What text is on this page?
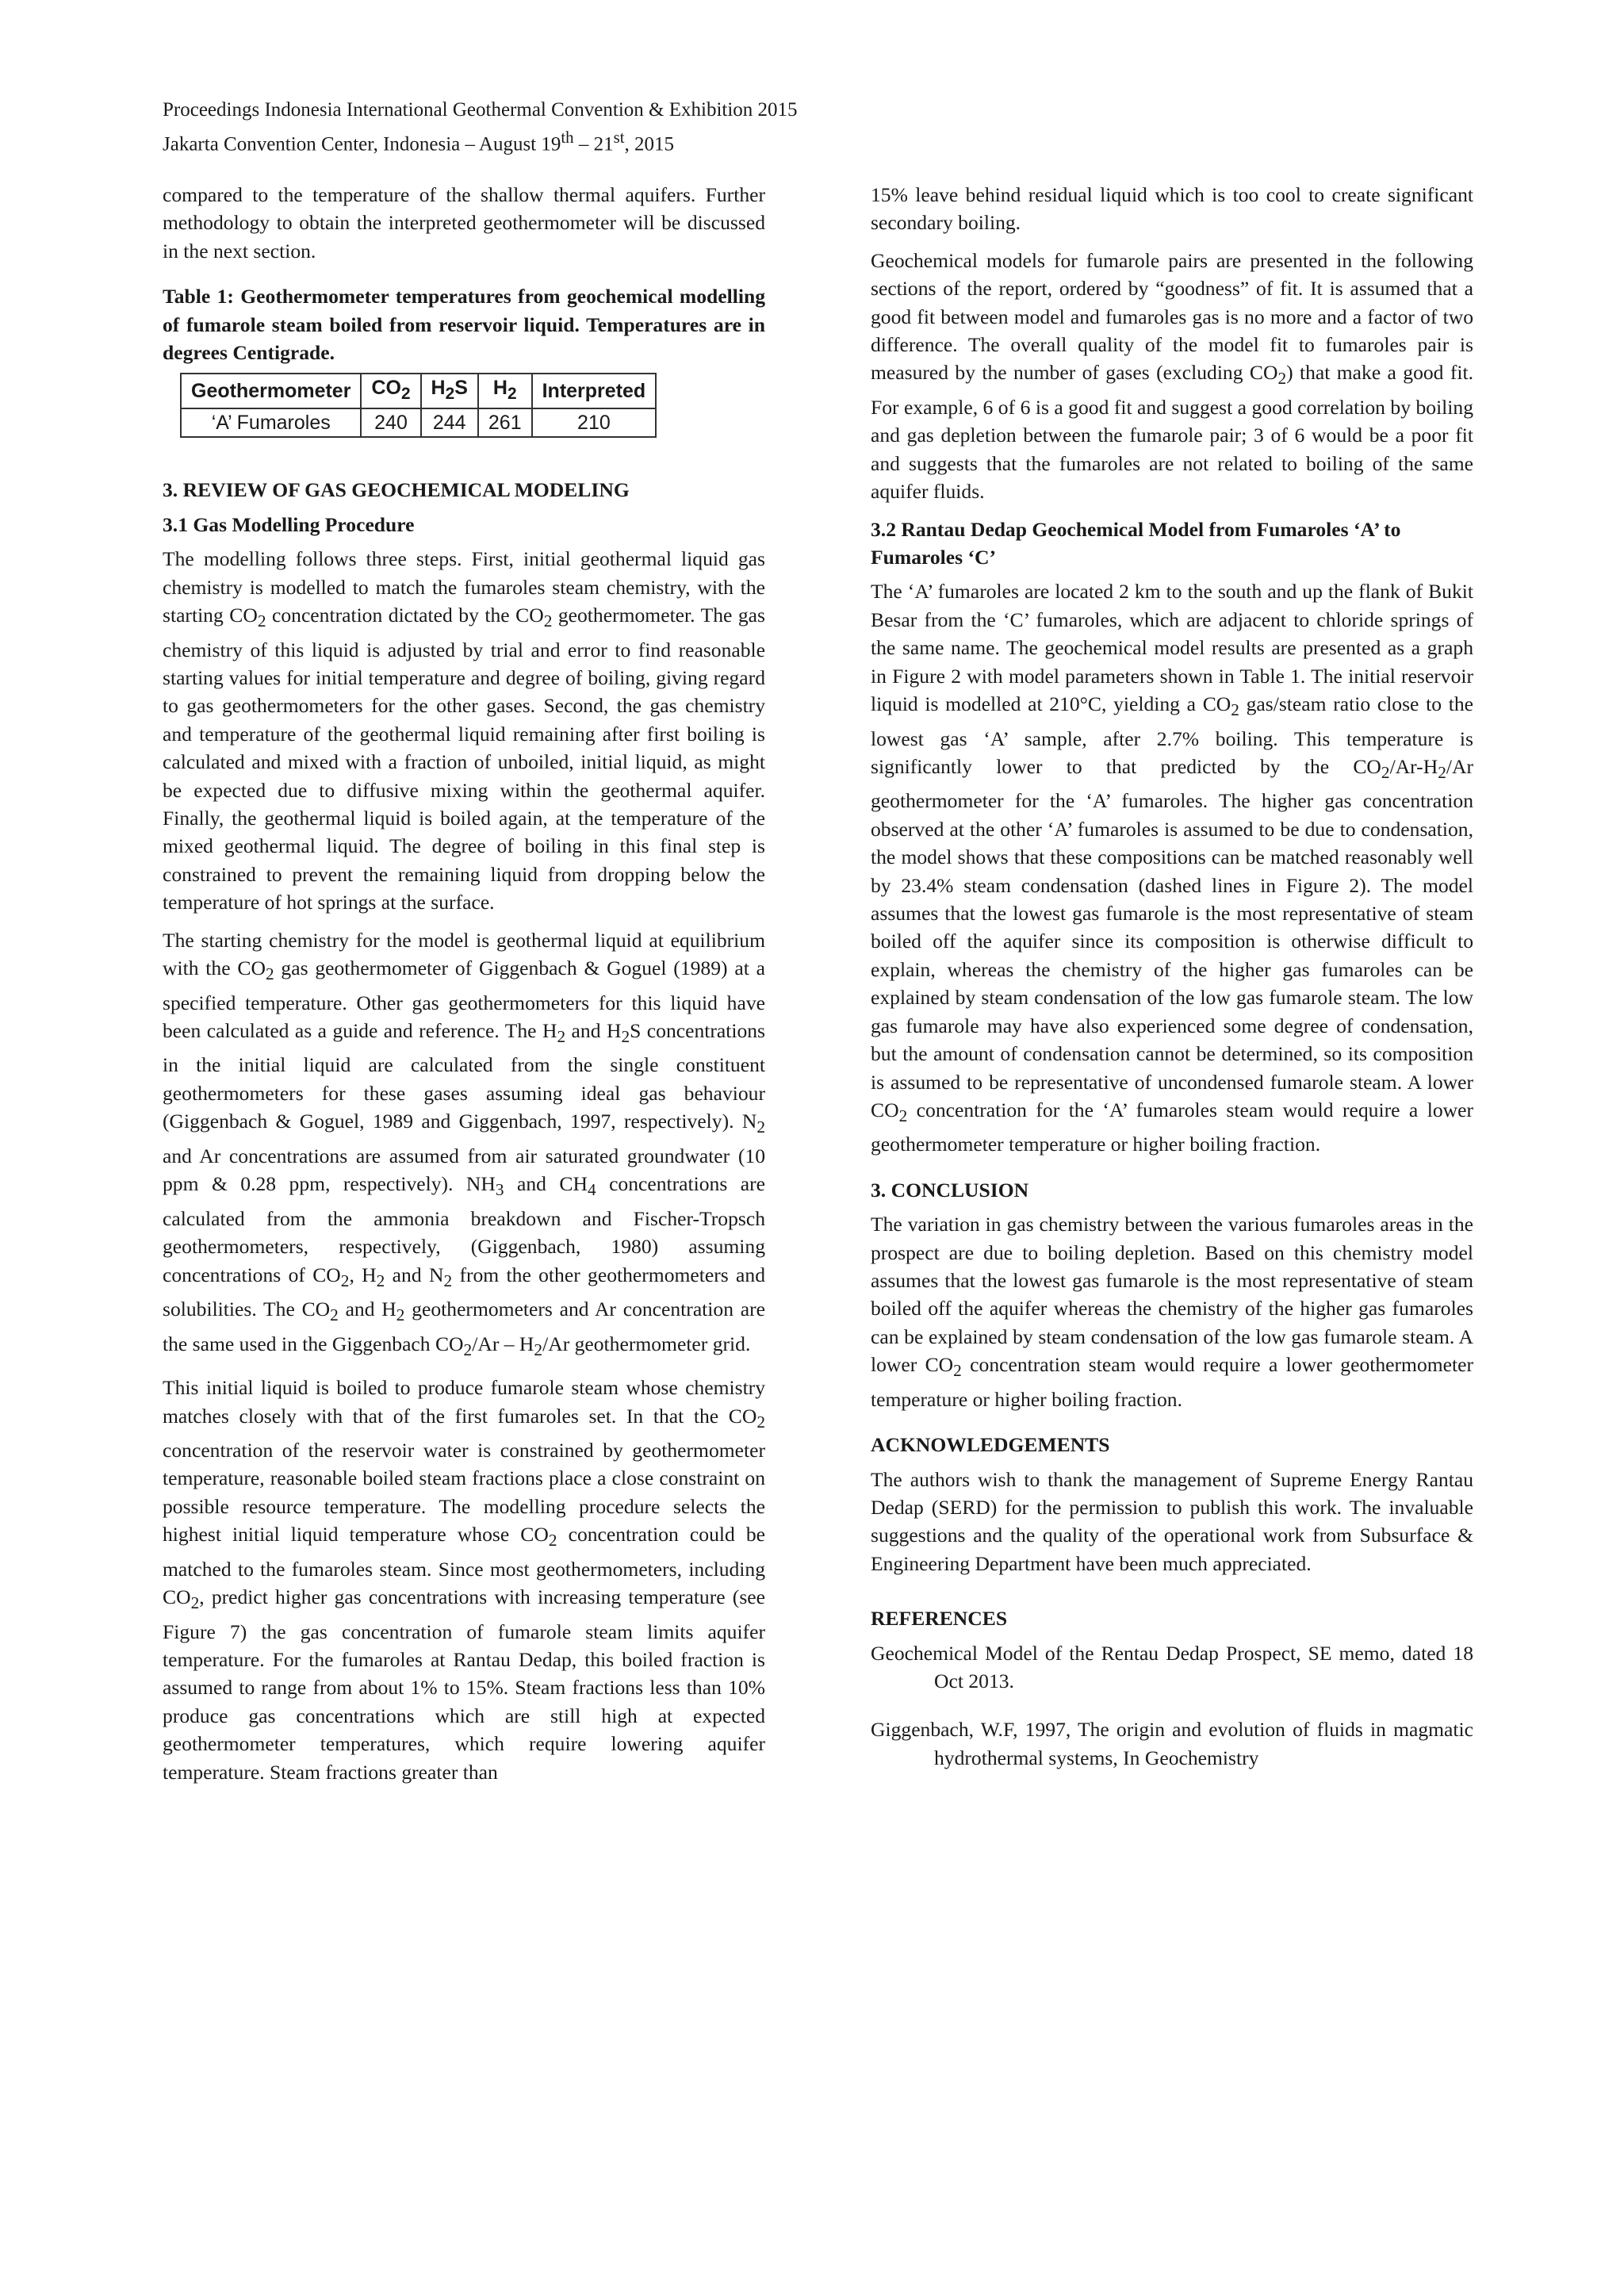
Proceedings Indonesia International Geothermal Convention & Exhibition 2015
Jakarta Convention Center, Indonesia – August 19th – 21st, 2015

compared to the temperature of the shallow thermal aquifers. Further methodology to obtain the interpreted geothermometer will be discussed in the next section.

Table 1: Geothermometer temperatures from geochemical modelling of fumarole steam boiled from reservoir liquid. Temperatures are in degrees Centigrade.
Geothermometer	$CO_2$	$H_2S$	$H_2$	Interpreted
‘A’ Fumaroles	240	244	261	210
3. REVIEW OF GAS GEOCHEMICAL MODELING
3.1 Gas Modelling Procedure

The modelling follows three steps. First, initial geothermal liquid gas chemistry is modelled to match the fumaroles steam chemistry, with the starting $CO_2$ concentration dictated by the $CO_2$ geothermometer. The gas chemistry of this liquid is adjusted by trial and error to find reasonable starting values for initial temperature and degree of boiling, giving regard to gas geothermometers for the other gases. Second, the gas chemistry and temperature of the geothermal liquid remaining after first boiling is calculated and mixed with a fraction of unboiled, initial liquid, as might be expected due to diffusive mixing within the geothermal aquifer. Finally, the geothermal liquid is boiled again, at the temperature of the mixed geothermal liquid. The degree of boiling in this final step is constrained to prevent the remaining liquid from dropping below the temperature of hot springs at the surface.

The starting chemistry for the model is geothermal liquid at equilibrium with the $CO_2$ gas geothermometer of Giggenbach & Goguel (1989) at a specified temperature. Other gas geothermometers for this liquid have been calculated as a guide and reference. The $H_2$ and $H_2S$ concentrations in the initial liquid are calculated from the single constituent geothermometers for these gases assuming ideal gas behaviour (Giggenbach & Goguel, 1989 and Giggenbach, 1997, respectively). $N_2$ and Ar concentrations are assumed from air saturated groundwater (10 ppm & 0.28 ppm, respectively). $NH_3$ and $CH_4$ concentrations are calculated from the ammonia breakdown and Fischer-Tropsch geothermometers, respectively, (Giggenbach, 1980) assuming concentrations of $CO_2$, $H_2$ and $N_2$ from the other geothermometers and solubilities. The $CO_2$ and $H_2$ geothermometers and Ar concentration are the same used in the Giggenbach $CO_2/Ar - H_2/Ar$ geothermometer grid.

This initial liquid is boiled to produce fumarole steam whose chemistry matches closely with that of the first fumaroles set. In that the $CO_2$ concentration of the reservoir water is constrained by geothermometer temperature, reasonable boiled steam fractions place a close constraint on possible resource temperature. The modelling procedure selects the highest initial liquid temperature whose $CO_2$ concentration could be matched to the fumaroles steam. Since most geothermometers, including $CO_2$, predict higher gas concentrations with increasing temperature (see Figure 7) the gas concentration of fumarole steam limits aquifer temperature. For the fumaroles at Rantau Dedap, this boiled fraction is assumed to range from about 1% to 15%. Steam fractions less than 10% produce gas concentrations which are still high at expected geothermometer temperatures, which require lowering aquifer temperature. Steam fractions greater than

15% leave behind residual liquid which is too cool to create significant secondary boiling.

Geochemical models for fumarole pairs are presented in the following sections of the report, ordered by “goodness” of fit. It is assumed that a good fit between model and fumaroles gas is no more and a factor of two difference. The overall quality of the model fit to fumaroles pair is measured by the number of gases (excluding $CO_2$) that make a good fit. For example, 6 of 6 is a good fit and suggest a good correlation by boiling and gas depletion between the fumarole pair; 3 of 6 would be a poor fit and suggests that the fumaroles are not related to boiling of the same aquifer fluids.

3.2 Rantau Dedap Geochemical Model from Fumaroles ‘A’ to Fumaroles ‘C’

The ‘A’ fumaroles are located 2 km to the south and up the flank of Bukit Besar from the ‘C’ fumaroles, which are adjacent to chloride springs of the same name. The geochemical model results are presented as a graph in Figure 2 with model parameters shown in Table 1. The initial reservoir liquid is modelled at 210°C, yielding a $CO_2$ gas/steam ratio close to the lowest gas ‘A’ sample, after 2.7% boiling. This temperature is significantly lower to that predicted by the $CO_2/Ar-H_2/Ar$ geothermometer for the ‘A’ fumaroles. The higher gas concentration observed at the other ‘A’ fumaroles is assumed to be due to condensation, the model shows that these compositions can be matched reasonably well by 23.4% steam condensation (dashed lines in Figure 2). The model assumes that the lowest gas fumarole is the most representative of steam boiled off the aquifer since its composition is otherwise difficult to explain, whereas the chemistry of the higher gas fumaroles can be explained by steam condensation of the low gas fumarole steam. The low gas fumarole may have also experienced some degree of condensation, but the amount of condensation cannot be determined, so its composition is assumed to be representative of uncondensed fumarole steam. A lower $CO_2$ concentration for the ‘A’ fumaroles steam would require a lower geothermometer temperature or higher boiling fraction.

3. CONCLUSION

The variation in gas chemistry between the various fumaroles areas in the prospect are due to boiling depletion. Based on this chemistry model assumes that the lowest gas fumarole is the most representative of steam boiled off the aquifer whereas the chemistry of the higher gas fumaroles can be explained by steam condensation of the low gas fumarole steam. A lower $CO_2$ concentration steam would require a lower geothermometer temperature or higher boiling fraction.

ACKNOWLEDGEMENTS

The authors wish to thank the management of Supreme Energy Rantau Dedap (SERD) for the permission to publish this work. The invaluable suggestions and the quality of the operational work from Subsurface & Engineering Department have been much appreciated.

REFERENCES
Geochemical Model of the Rentau Dedap Prospect, SE memo, dated 18 Oct 2013.
Giggenbach, W.F, 1997, The origin and evolution of fluids in magmatic hydrothermal systems, In Geochemistry
